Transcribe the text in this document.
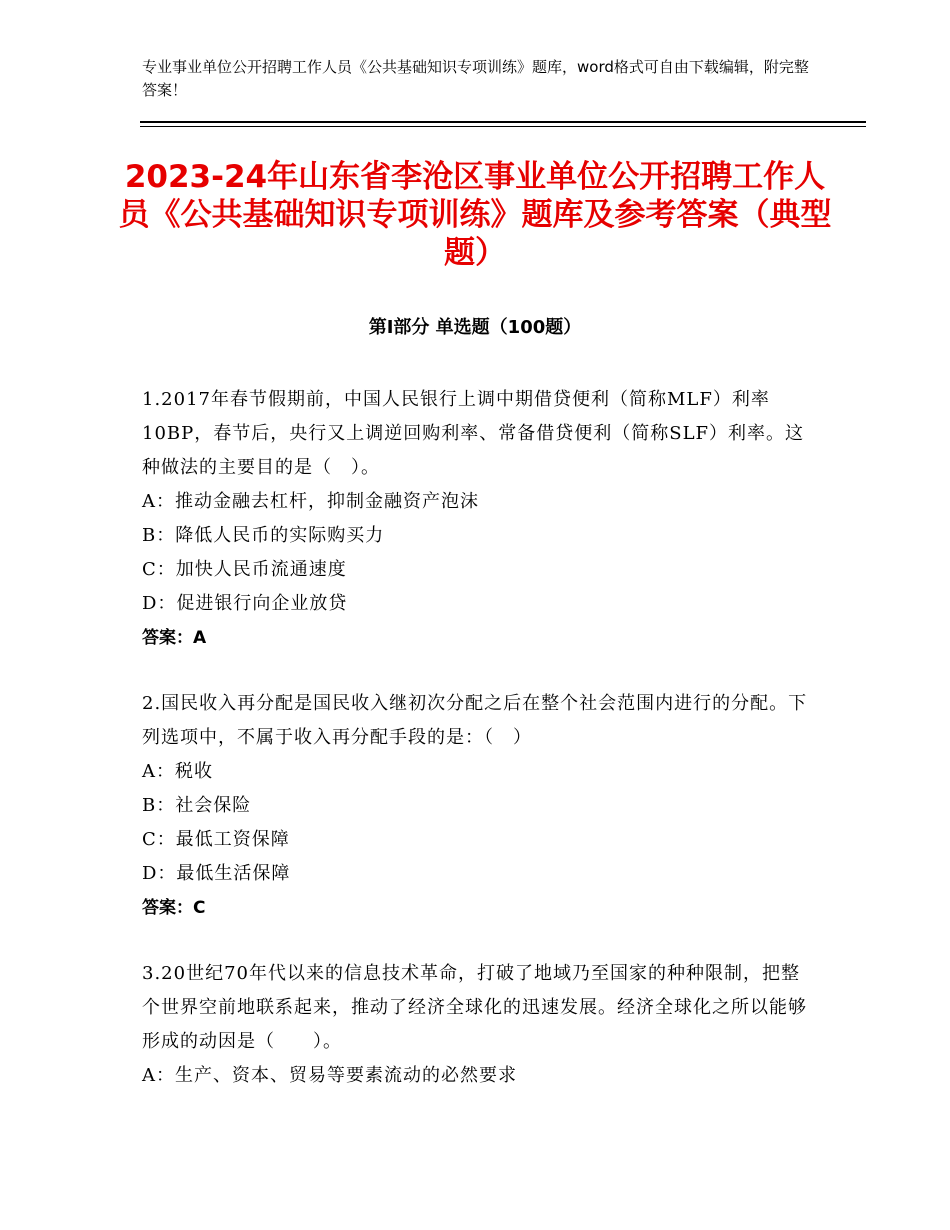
专业事业单位公开招聘工作人员《公共基础知识专项训练》题库，word格式可自由下载编辑，附完整答案！
2023-24年山东省李沧区事业单位公开招聘工作人员《公共基础知识专项训练》题库及参考答案（典型题）
第Ⅰ部分 单选题（100题）
1.2017年春节假期前，中国人民银行上调中期借贷便利（简称MLF）利率10BP，春节后，央行又上调逆回购利率、常备借贷便利（简称SLF）利率。这种做法的主要目的是（　）。
A：推动金融去杠杆，抑制金融资产泡沫
B：降低人民币的实际购买力
C：加快人民币流通速度
D：促进银行向企业放贷
答案：A
2.国民收入再分配是国民收入继初次分配之后在整个社会范围内进行的分配。下列选项中，不属于收入再分配手段的是：（　）
A：税收
B：社会保险
C：最低工资保障
D：最低生活保障
答案：C
3.20世纪70年代以来的信息技术革命，打破了地域乃至国家的种种限制，把整个世界空前地联系起来，推动了经济全球化的迅速发展。经济全球化之所以能够形成的动因是（　　）。
A：生产、资本、贸易等要素流动的必然要求
